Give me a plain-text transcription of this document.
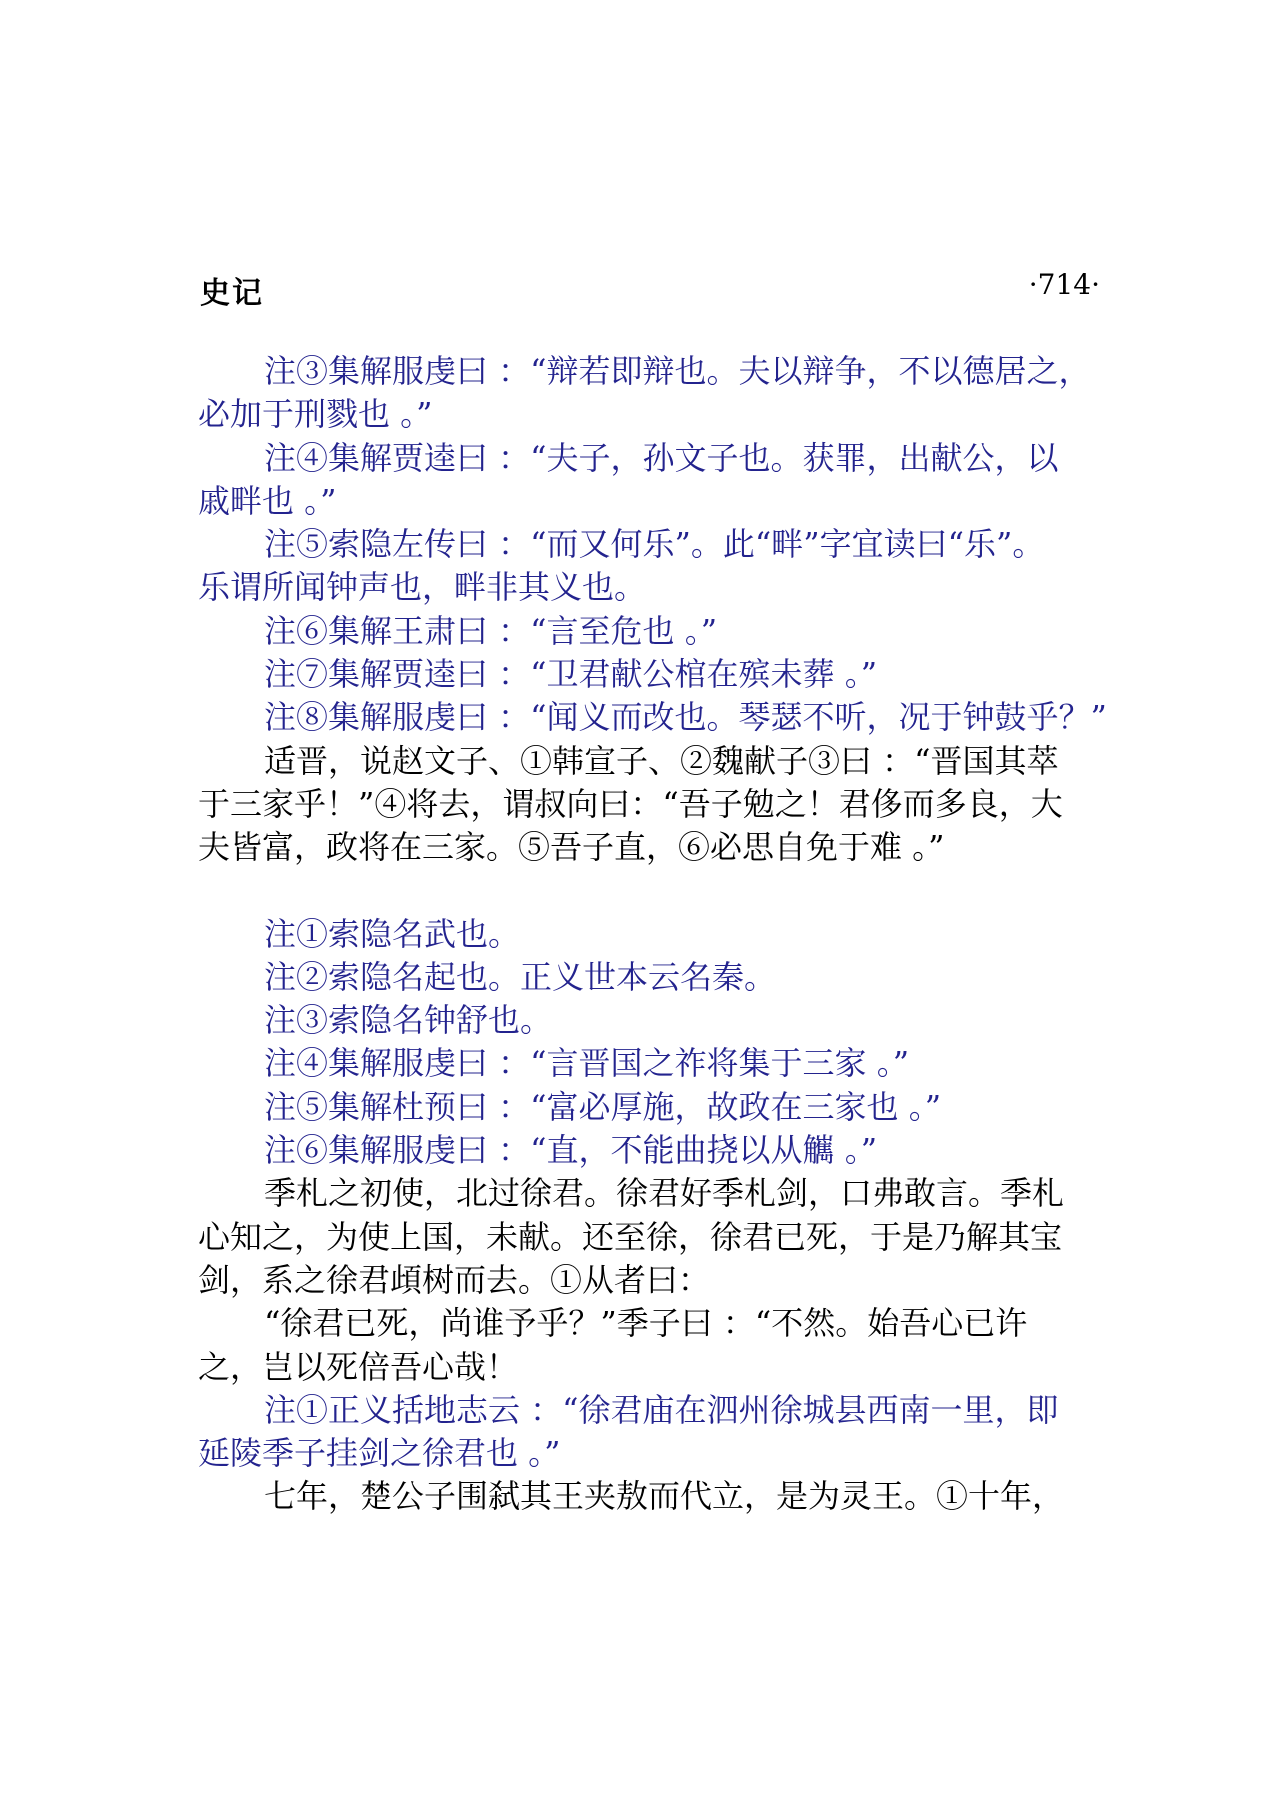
史记	·714·

注③集解服虔曰 ：“辩若即辩也。夫以辩争，不以德居之，
必加于刑戮也 。”

注④集解贾逵曰 ：“夫子，孙文子也。获罪，出献公，以
戚畔也 。”

注⑤索隐左传曰 ：“而又何乐”。此“畔”字宜读曰“乐”。
乐谓所闻钟声也，畔非其义也。

注⑥集解王肃曰 ：“言至危也 。”

注⑦集解贾逵曰 ：“卫君献公棺在殡未葬 。”

注⑧集解服虔曰 ：“闻义而改也。琴瑟不听，况于钟鼓乎？”

适晋，说赵文子、①韩宣子、②魏献子③曰 ：“晋国其萃
于三家乎！”④将去，谓叔向曰：“吾子勉之！君侈而多良，大
夫皆富，政将在三家。⑤吾子直，⑥必思自免于难 。”

注①索隐名武也。

注②索隐名起也。正义世本云名秦。

注③索隐名钟舒也。

注④集解服虔曰 ：“言晋国之祚将集于三家 。”

注⑤集解杜预曰 ：“富必厚施，故政在三家也 。”

注⑥集解服虔曰 ：“直，不能曲挠以从觽 。”

季札之初使，北过徐君。徐君好季札剑，口弗敢言。季札
心知之，为使上国，未献。还至徐，徐君已死，于是乃解其宝
剑，系之徐君頉树而去。①从者曰：

“徐君已死，尚谁予乎？”季子曰 ：“不然。始吾心已许
之，岂以死倍吾心哉！

注①正义括地志云 ：“徐君庙在泗州徐城县西南一里，即
延陵季子挂剑之徐君也 。”

七年，楚公子围弑其王夹敖而代立，是为灵王。①十年，
